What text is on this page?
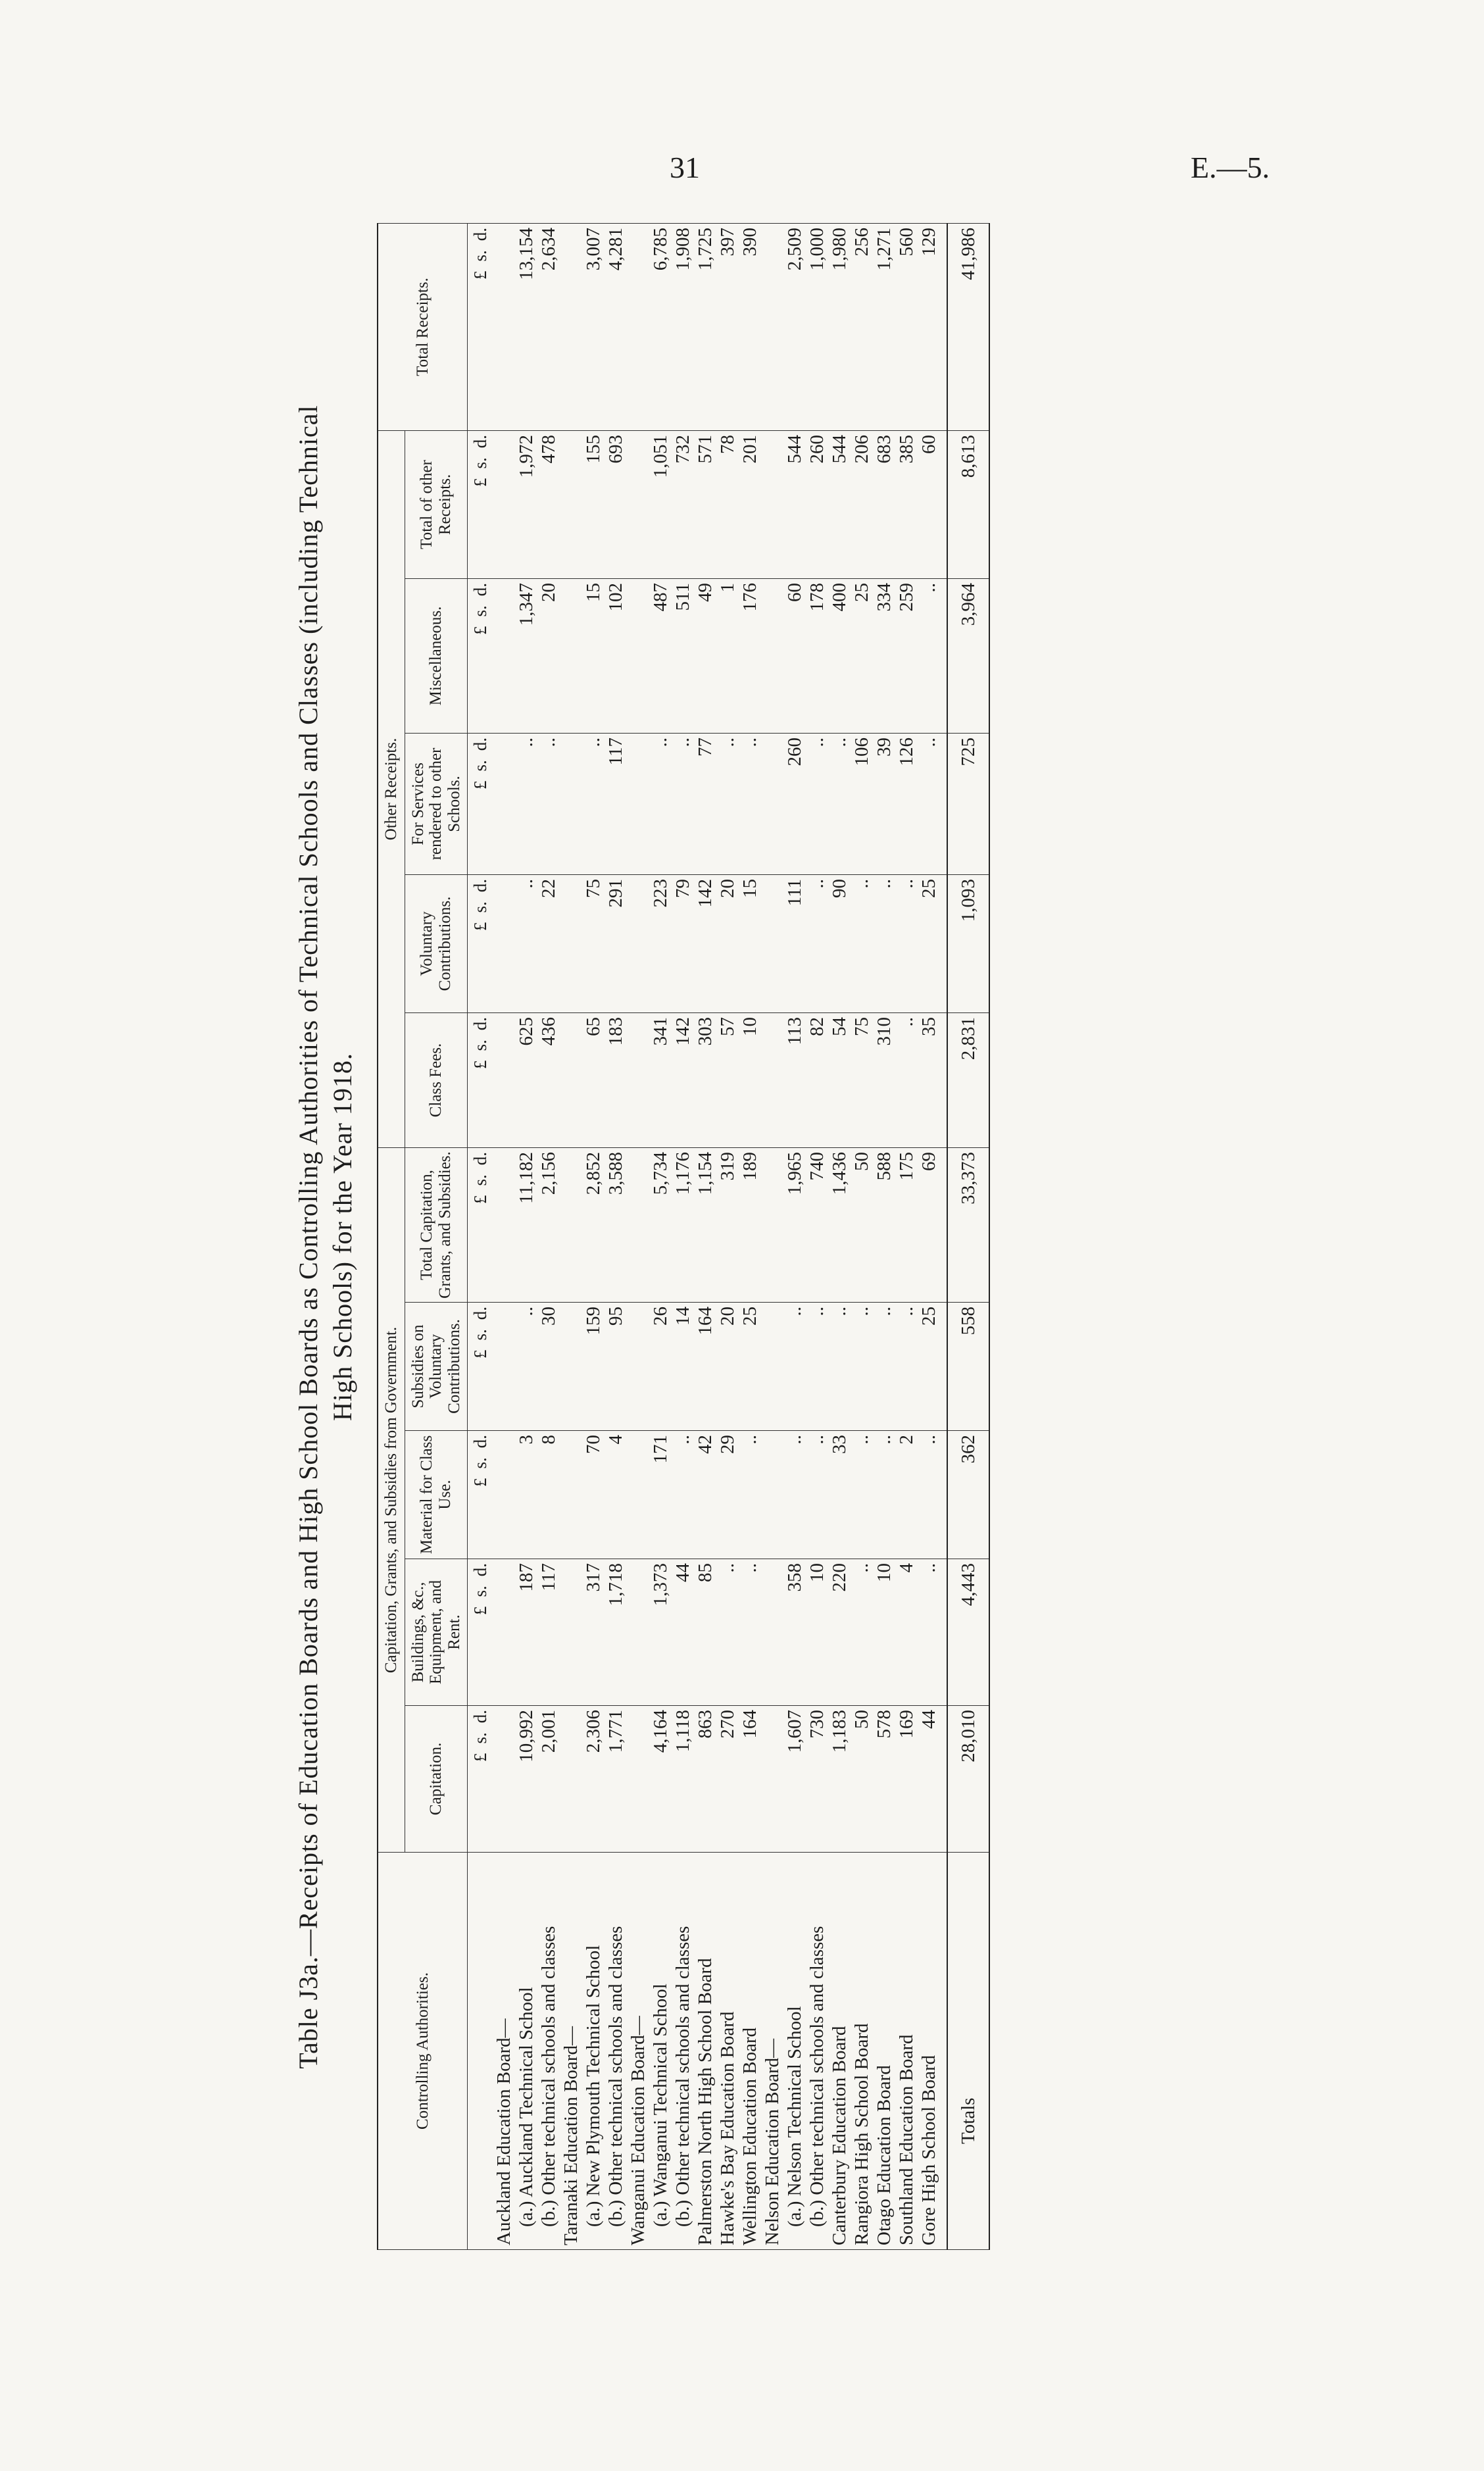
31	E.—5.
Table J3a.—Receipts of Education Boards and High School Boards as Controlling Authorities of Technical Schools and Classes (including Technical High Schools) for the Year 1918.
Controlling Authorities.	Capitation, Grants, and Subsidies from Government.					Other Receipts.					Total Receipts.
	Capitation.	Buildings, &c., Equipment, and Rent.	Material for Class Use.	Subsidies on Voluntary Contributions.	Total Capitation, Grants, and Subsidies.	Class Fees.	Voluntary Contributions.	For Services rendered to other Schools.	Miscellaneous.	Total of other Receipts.	
	£s.d.	£s.d.	£s.d.	£s.d.	£s.d.	£s.d.	£s.d.	£s.d.	£s.d.	£s.d.	£s.d.
Auckland Education Board—											
(a.) Auckland Technical School	10,992	187	3	..	11,182	625	..	..	1,347	1,972	13,154
(b.) Other technical schools and classes	2,001	117	8	30	2,156	436	22	..	20	478	2,634
Taranaki Education Board—											
(a.) New Plymouth Technical School	2,306	317	70	159	2,852	65	75	..	15	155	3,007
(b.) Other technical schools and classes	1,771	1,718	4	95	3,588	183	291	117	102	693	4,281
Wanganui Education Board—											
(a.) Wanganui Technical School	4,164	1,373	171	26	5,734	341	223	..	487	1,051	6,785
(b.) Other technical schools and classes	1,118	44	..	14	1,176	142	79	..	511	732	1,908
Palmerston North High School Board	863	85	42	164	1,154	303	142	77	49	571	1,725
Hawke's Bay Education Board	270	..	29	20	319	57	20	..	1	78	397
Wellington Education Board	164	..	..	25	189	10	15	..	176	201	390
Nelson Education Board—											
(a.) Nelson Technical School	1,607	358	..	..	1,965	113	111	260	60	544	2,509
(b.) Other technical schools and classes	730	10	..	..	740	82	..	..	178	260	1,000
Canterbury Education Board	1,183	220	33	..	1,436	54	90	..	400	544	1,980
Rangiora High School Board	50	..	..	..	50	75	..	106	25	206	256
Otago Education Board	578	10	..	..	588	310	..	39	334	683	1,271
Southland Education Board	169	4	2	..	175	..	..	126	259	385	560
Gore High School Board	44	..	..	25	69	35	25	..	..	60	129

Totals	28,010	4,443	362	558	33,373	2,831	1,093	725	3,964	8,613	41,986
